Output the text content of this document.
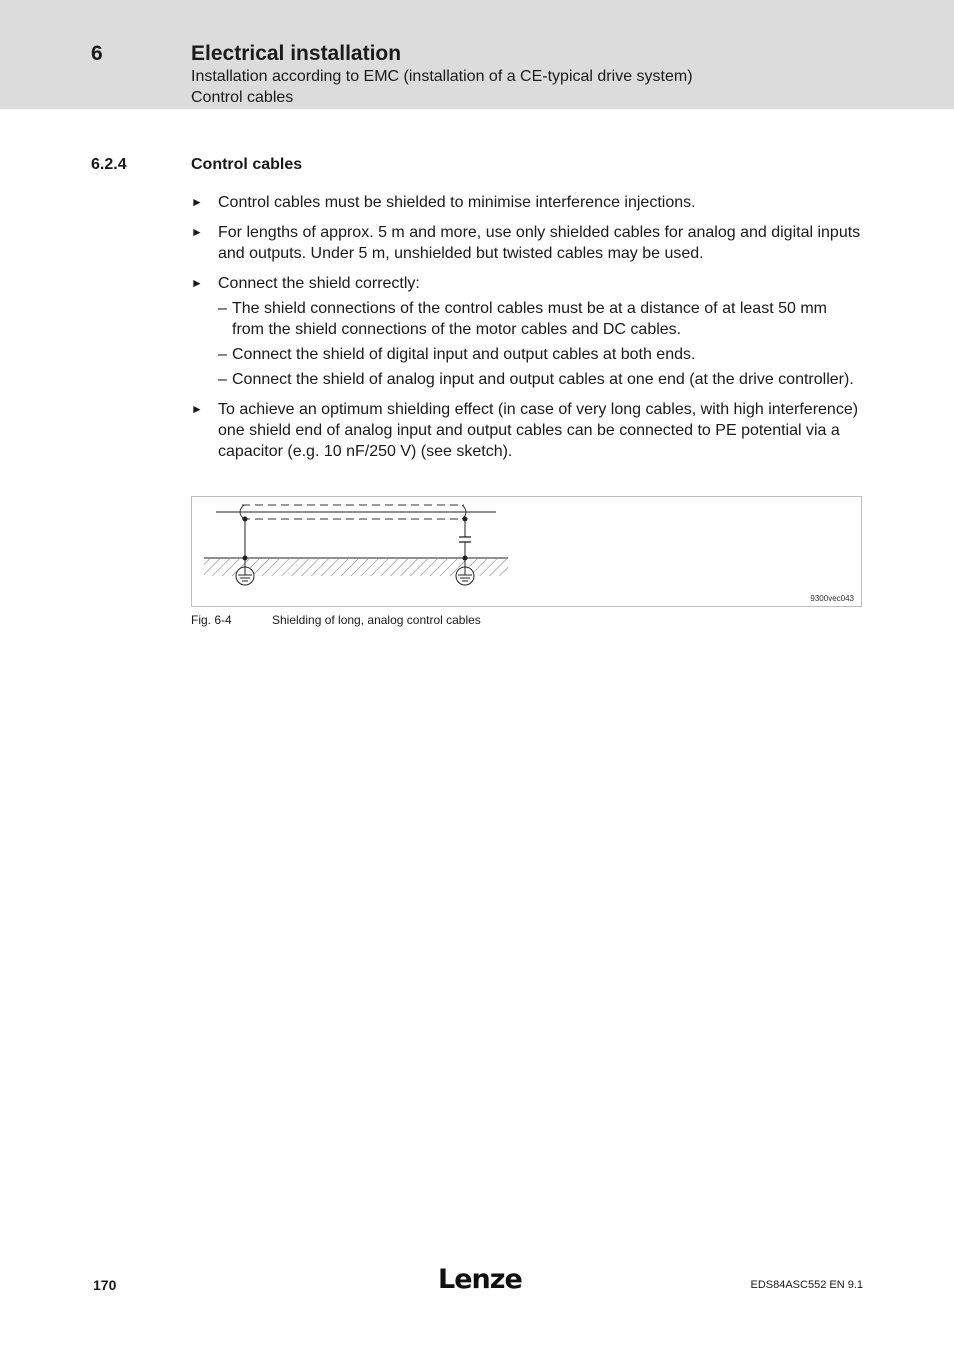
6	Electrical installation
Installation according to EMC (installation of a CE-typical drive system)
Control cables
6.2.4	Control cables
► Control cables must be shielded to minimise interference injections.
► For lengths of approx. 5 m and more, use only shielded cables for analog and digital inputs and outputs. Under 5 m, unshielded but twisted cables may be used.
► Connect the shield correctly:
– The shield connections of the control cables must be at a distance of at least 50 mm from the shield connections of the motor cables and DC cables.
– Connect the shield of digital input and output cables at both ends.
– Connect the shield of analog input and output cables at one end (at the drive controller).
► To achieve an optimum shielding effect (in case of very long cables, with high interference) one shield end of analog input and output cables can be connected to PE potential via a capacitor (e.g. 10 nF/250 V) (see sketch).
9300vec043
Fig. 6-4	Shielding of long, analog control cables
170	Lenze	EDS84ASC552 EN 9.1
